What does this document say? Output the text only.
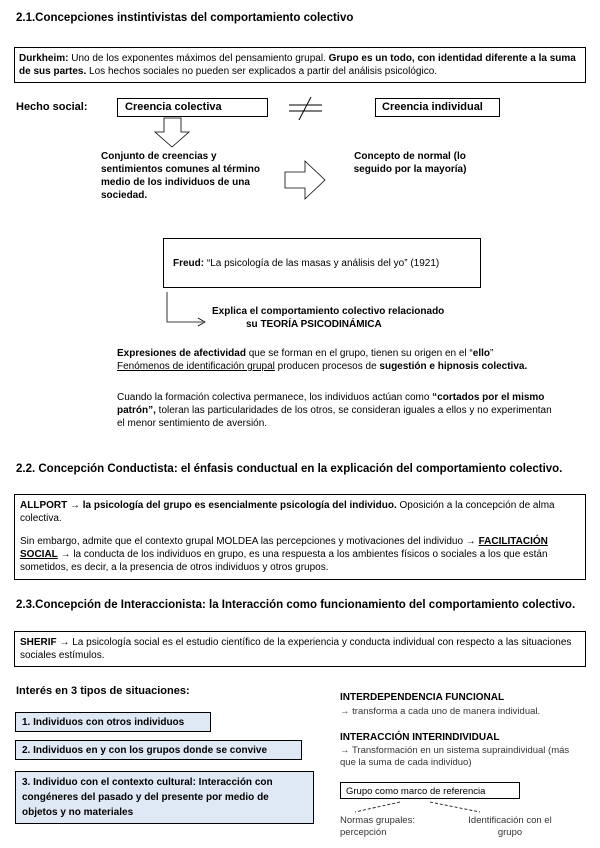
2.1.Concepciones instintivistas del comportamiento colectivo
Durkheim: Uno de los exponentes máximos del pensamiento grupal. Grupo es un todo, con identidad diferente a la suma de sus partes. Los hechos sociales no pueden ser explicados a partir del análisis psicológico.
Hecho social:	Creencia colectiva	Creencia individual
Conjunto de creencias y sentimientos comunes al término medio de los individuos de una sociedad.
Concepto de normal (lo seguido por la mayoría)
Freud: “La psicología de las masas y análisis del yo” (1921)
Explica el comportamiento colectivo relacionado
su TEORÍA PSICODINÁMICA
Expresiones de afectividad que se forman en el grupo, tienen su origen en el “ello”
Fenómenos de identificación grupal producen procesos de sugestión e hipnosis colectiva.
Cuando la formación colectiva permanece, los individuos actúan como “cortados por el mismo patrón”, toleran las particularidades de los otros, se consideran iguales a ellos y no experimentan el menor sentimiento de aversión.
2.2. Concepción Conductista: el énfasis conductual en la explicación del comportamiento colectivo.
ALLPORT → la psicología del grupo es esencialmente psicología del individuo. Oposición a la concepción de alma colectiva.
Sin embargo, admite que el contexto grupal MOLDEA las percepciones y motivaciones del individuo → FACILITACIÓN SOCIAL → la conducta de los individuos en grupo, es una respuesta a los ambientes físicos o sociales a los que están sometidos, es decir, a la presencia de otros individuos y otros grupos.
2.3.Concepción de Interaccionista: la Interacción como funcionamiento del comportamiento colectivo.
SHERIF → La psicología social es el estudio científico de la experiencia y conducta individual con respecto a las situaciones sociales estímulos.
Interés en 3 tipos de situaciones:
1. Individuos con otros individuos
2. Individuos en y con los grupos donde se convive
3. Individuo con el contexto cultural: Interacción con congéneres del pasado y del presente por medio de objetos y no materiales
INTERDEPENDENCIA FUNCIONAL
→ transforma a cada uno de manera individual.
INTERACCIÓN INTERINDIVIDUAL
→ Transformación en un sistema supraindividual (más que la suma de cada individuo)
Grupo como marco de referencia
Normas grupales: percepción
Identificación con el grupo
